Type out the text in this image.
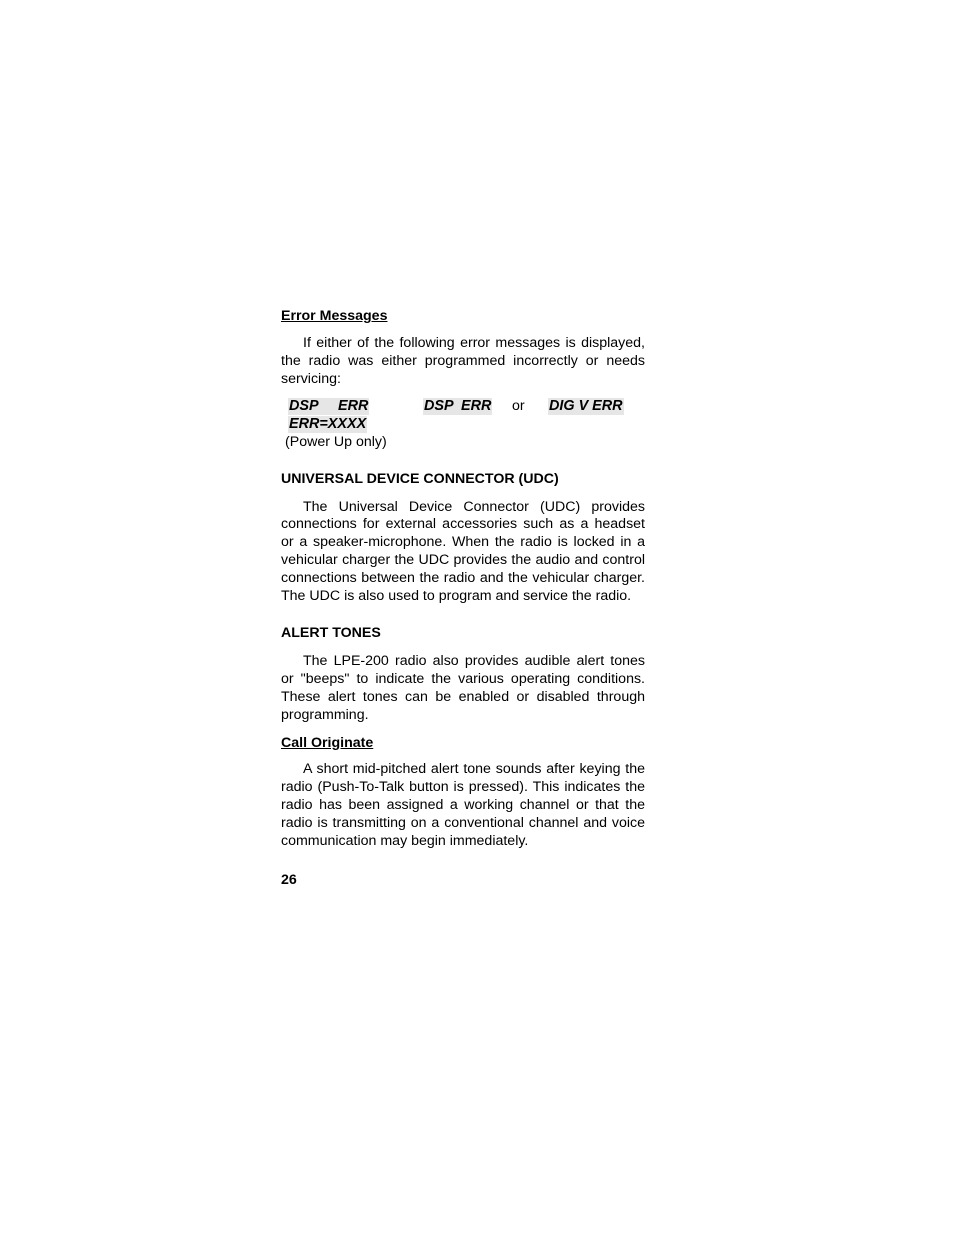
Error Messages

If either of the following error messages is displayed, the radio was either programmed incorrectly or needs servicing:

DSP     ERR	DSP  ERR or DIG V ERR
ERR=XXXX
(Power Up only)
UNIVERSAL DEVICE CONNECTOR (UDC)

The Universal Device Connector (UDC) provides connections for external accessories such as a headset or a speaker-microphone. When the radio is locked in a vehicular charger the UDC provides the audio and control connections between the radio and the vehicular charger. The UDC is also used to program and service the radio.

ALERT TONES

The LPE-200 radio also provides audible alert tones or "beeps" to indicate the various operating conditions. These alert tones can be enabled or disabled through programming.

Call Originate

A short mid-pitched alert tone sounds after keying the radio (Push-To-Talk button is pressed). This indicates the radio has been assigned a working channel or that the radio is transmitting on a conventional channel and voice communication may begin immediately.

26
